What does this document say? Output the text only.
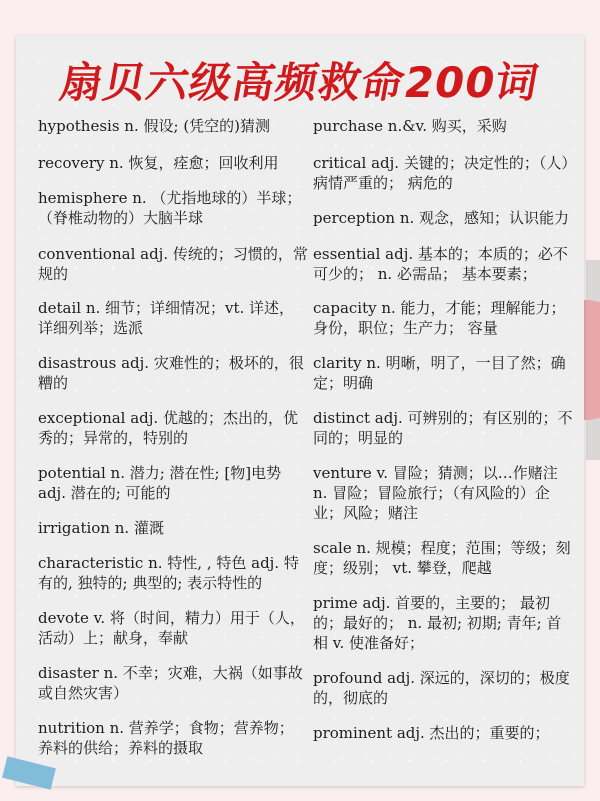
扇贝六级高频救命200词
hypothesis n. 假设; (凭空的)猜测
recovery n. 恢复，痊愈；回收利用
hemisphere n. （尤指地球的）半球；（脊椎动物的）大脑半球
conventional adj. 传统的；习惯的，常规的
detail n. 细节；详细情况；vt. 详述，详细列举；选派
disastrous adj. 灾难性的；极坏的，很糟的
exceptional adj. 优越的；杰出的，优秀的；异常的，特别的
potential n. 潜力; 潜在性; [物]电势 adj. 潜在的; 可能的
irrigation n. 灌溉
characteristic n. 特性, , 特色 adj. 特有的, 独特的; 典型的; 表示特性的
devote v. 将（时间，精力）用于（人，活动）上；献身，奉献
disaster n. 不幸；灾难，大祸（如事故或自然灾害）
nutrition n. 营养学；食物；营养物；养料的供给；养料的摄取
purchase n.&v. 购买，采购
critical adj. 关键的；决定性的；（人）病情严重的； 病危的
perception n. 观念，感知；认识能力
essential adj. 基本的；本质的；必不可少的； n. 必需品； 基本要素；
capacity n. 能力，才能；理解能力；身份，职位；生产力； 容量
clarity n. 明晰，明了，一目了然；确定；明确
distinct adj. 可辨别的；有区别的；不同的；明显的
venture v. 冒险；猜测；以…作赌注 n. 冒险；冒险旅行；（有风险的）企业；风险；赌注
scale n. 规模；程度；范围；等级；刻度；级别； vt. 攀登，爬越
prime adj. 首要的，主要的； 最初的；最好的； n. 最初; 初期; 青年; 首相 v. 使准备好；
profound adj. 深远的，深切的；极度的，彻底的
prominent adj. 杰出的；重要的；
